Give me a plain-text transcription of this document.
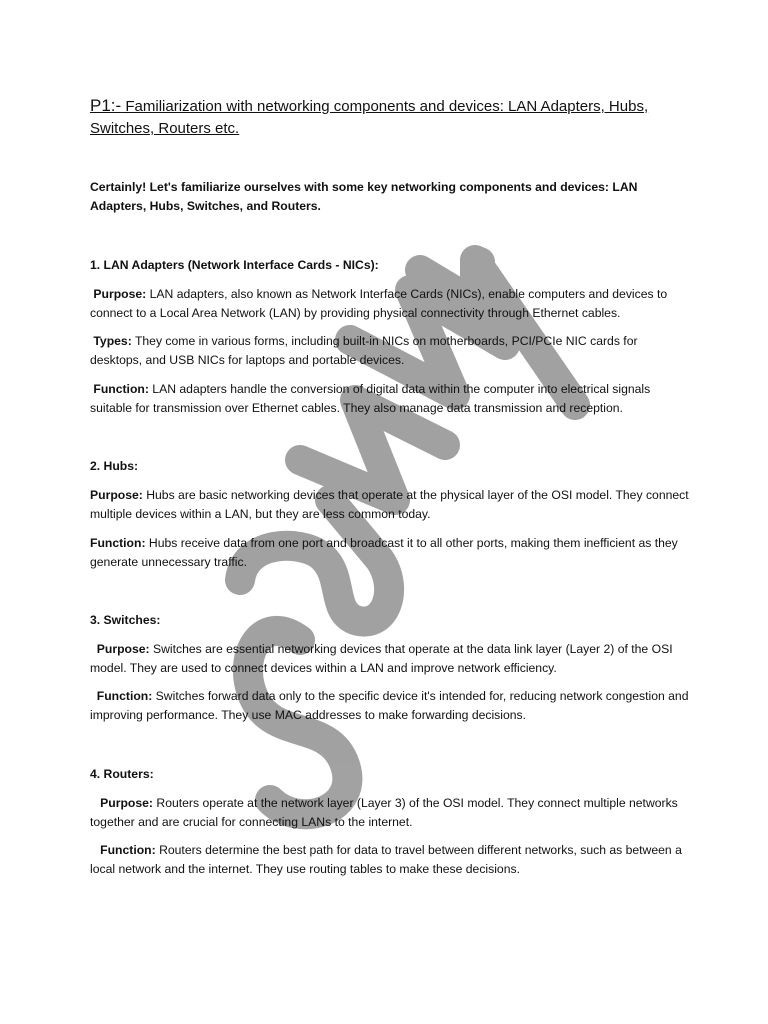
P1:- Familiarization with networking components and devices: LAN Adapters, Hubs, Switches, Routers etc.

Certainly! Let's familiarize ourselves with some key networking components and devices: LAN Adapters, Hubs, Switches, and Routers.

1. LAN Adapters (Network Interface Cards - NICs):

Purpose: LAN adapters, also known as Network Interface Cards (NICs), enable computers and devices to connect to a Local Area Network (LAN) by providing physical connectivity through Ethernet cables.

Types: They come in various forms, including built-in NICs on motherboards, PCI/PCIe NIC cards for desktops, and USB NICs for laptops and portable devices.

Function: LAN adapters handle the conversion of digital data within the computer into electrical signals suitable for transmission over Ethernet cables. They also manage data transmission and reception.

2. Hubs:

Purpose: Hubs are basic networking devices that operate at the physical layer of the OSI model. They connect multiple devices within a LAN, but they are less common today.

Function: Hubs receive data from one port and broadcast it to all other ports, making them inefficient as they generate unnecessary traffic.

3. Switches:

Purpose: Switches are essential networking devices that operate at the data link layer (Layer 2) of the OSI model. They are used to connect devices within a LAN and improve network efficiency.

Function: Switches forward data only to the specific device it's intended for, reducing network congestion and improving performance. They use MAC addresses to make forwarding decisions.

4. Routers:

Purpose: Routers operate at the network layer (Layer 3) of the OSI model. They connect multiple networks together and are crucial for connecting LANs to the internet.

Function: Routers determine the best path for data to travel between different networks, such as between a local network and the internet. They use routing tables to make these decisions.
